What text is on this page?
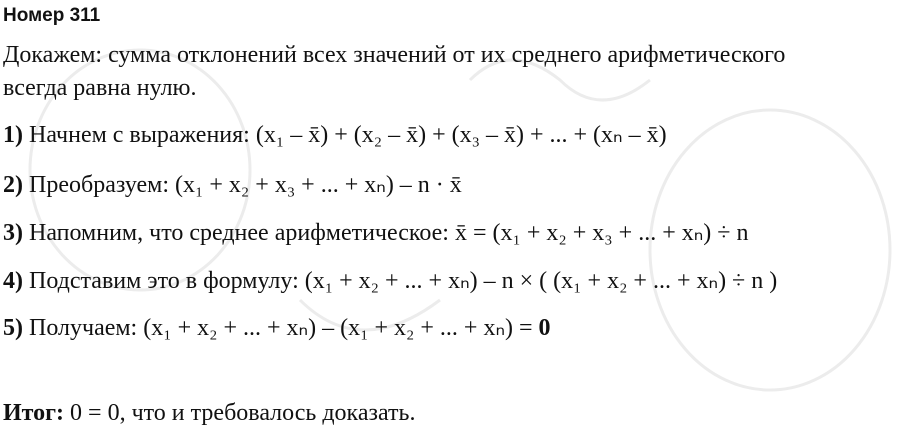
Номер 311
Докажем: сумма отклонений всех значений от их среднего арифметического
всегда равна нулю.
1) Начнем с выражения: (x₁ – x̄) + (x₂ – x̄) + (x₃ – x̄) + ... + (xₙ – x̄)
2) Преобразуем: (x₁ + x₂ + x₃ + ... + xₙ) – n · x̄
3) Напомним, что среднее арифметическое: x̄ = (x₁ + x₂ + x₃ + ... + xₙ) ÷ n
4) Подставим это в формулу: (x₁ + x₂ + ... + xₙ) – n × ( (x₁ + x₂ + ... + xₙ) ÷ n )
5) Получаем: (x₁ + x₂ + ... + xₙ) – (x₁ + x₂ + ... + xₙ) = 0
Итог: 0 = 0, что и требовалось доказать.
